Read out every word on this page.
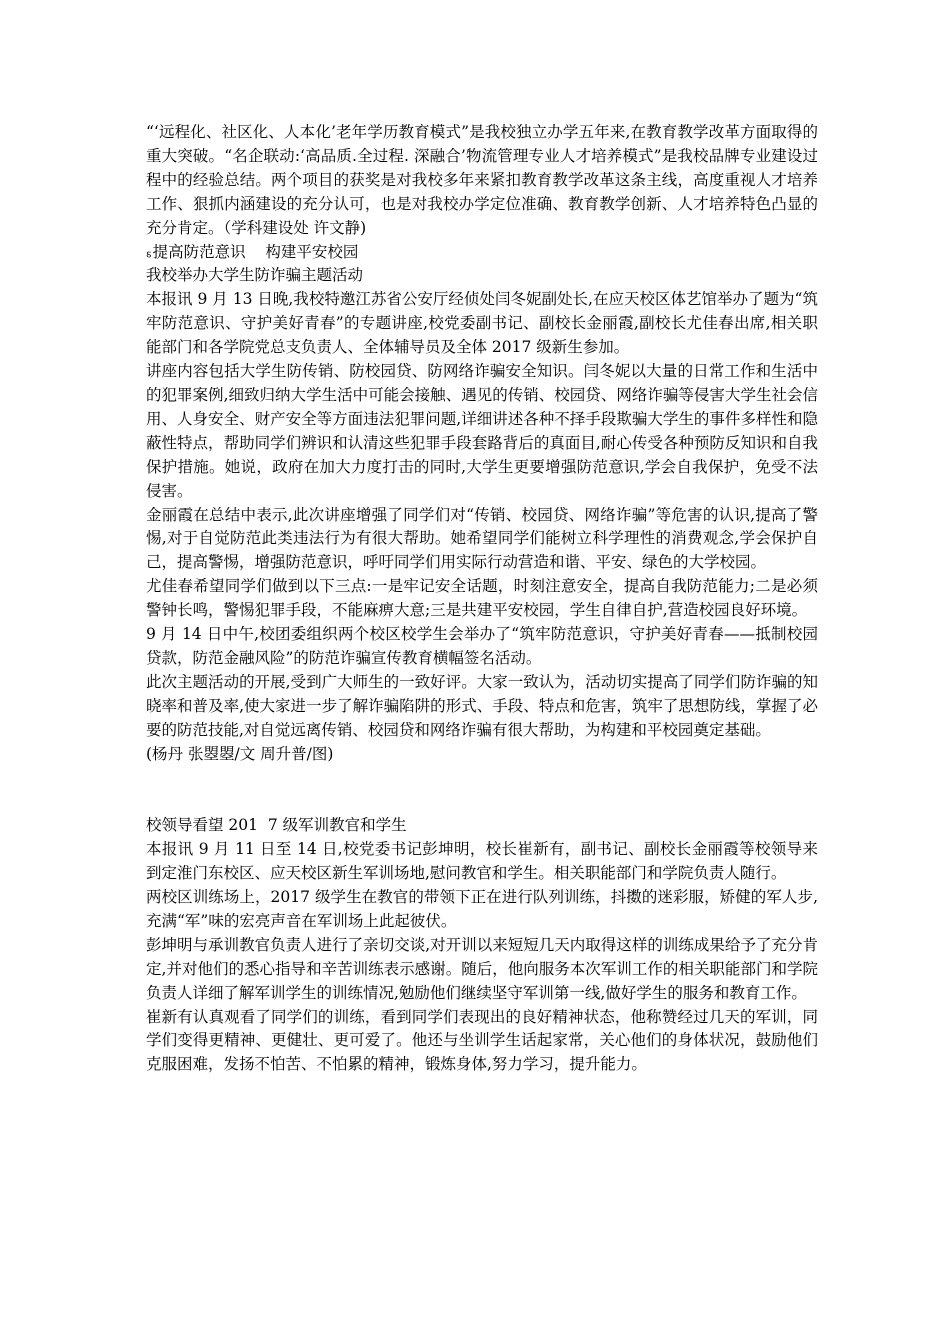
“‘远程化、社区化、人本化’老年学历教育模式”是我校独立办学五年来,在教育教学改革方面取得的重大突破。“名企联动:‘高品质.全过程. 深融合’物流管理专业人才培养模式”是我校品牌专业建设过程中的经验总结。两个项目的获奖是对我校多年来紧扣教育教学改革这条主线，高度重视人才培养工作、狠抓内涵建设的充分认可，也是对我校办学定位准确、教育教学创新、人才培养特色凸显的充分肯定。（学科建设处 许文静)

⸹提高防范意识    构建平安校园

我校举办大学生防诈骗主题活动

本报讯 9 月 13 日晚,我校特邀江苏省公安厅经侦处闫冬妮副处长,在应天校区体艺馆举办了题为“筑牢防范意识、守护美好青春”的专题讲座,校党委副书记、副校长金丽霞,副校长尤佳春出席,相关职能部门和各学院党总支负责人、全体辅导员及全体 2017 级新生参加。

讲座内容包括大学生防传销、防校园贷、防网络诈骗安全知识。闫冬妮以大量的日常工作和生活中的犯罪案例,细致归纳大学生活中可能会接触、遇见的传销、校园贷、网络诈骗等侵害大学生社会信用、人身安全、财产安全等方面违法犯罪问题,详细讲述各种不择手段欺骗大学生的事件多样性和隐蔽性特点，帮助同学们辨识和认清这些犯罪手段套路背后的真面目,耐心传受各种预防反知识和自我保护措施。她说，政府在加大力度打击的同时,大学生更要增强防范意识,学会自我保护，免受不法侵害。

金丽霞在总结中表示,此次讲座增强了同学们对“传销、校园贷、网络诈骗”等危害的认识,提高了警惕,对于自觉防范此类违法行为有很大帮助。她希望同学们能树立科学理性的消费观念,学会保护自己，提高警惕，增强防范意识，呼吁同学们用实际行动营造和谐、平安、绿色的大学校园。

尤佳春希望同学们做到以下三点:一是牢记安全话题，时刻注意安全，提高自我防范能力;二是必须警钟长鸣，警惕犯罪手段，不能麻痹大意;三是共建平安校园，学生自律自护,营造校园良好环境。

9 月 14 日中午,校团委组织两个校区校学生会举办了“筑牢防范意识，守护美好青春——抵制校园贷款，防范金融风险”的防范诈骗宣传教育横幅签名活动。

此次主题活动的开展,受到广大师生的一致好评。大家一致认为，活动切实提高了同学们防诈骗的知晓率和普及率,使大家进一步了解诈骗陷阱的形式、手段、特点和危害，筑牢了思想防线，掌握了必要的防范技能,对自觉远离传销、校园贷和网络诈骗有很大帮助，为构建和平校园奠定基础。

(杨丹 张曌曌/文 周升普/图)

校领导看望 201  7 级军训教官和学生

本报讯 9 月 11 日至 14 日,校党委书记彭坤明，校长崔新有，副书记、副校长金丽霞等校领导来到定淮门东校区、应天校区新生军训场地,慰问教官和学生。相关职能部门和学院负责人随行。

两校区训练场上，2017 级学生在教官的带领下正在进行队列训练，抖擞的迷彩服，矫健的军人步,充满“军”味的宏亮声音在军训场上此起彼伏。

彭坤明与承训教官负责人进行了亲切交谈,对开训以来短短几天内取得这样的训练成果给予了充分肯定,并对他们的悉心指导和辛苦训练表示感谢。随后，他向服务本次军训工作的相关职能部门和学院负责人详细了解军训学生的训练情况,勉励他们继续坚守军训第一线,做好学生的服务和教育工作。

崔新有认真观看了同学们的训练，看到同学们表现出的良好精神状态，他称赞经过几天的军训，同学们变得更精神、更健壮、更可爱了。他还与坐训学生话起家常，关心他们的身体状况，鼓励他们克服困难，发扬不怕苦、不怕累的精神，锻炼身体,努力学习，提升能力。
